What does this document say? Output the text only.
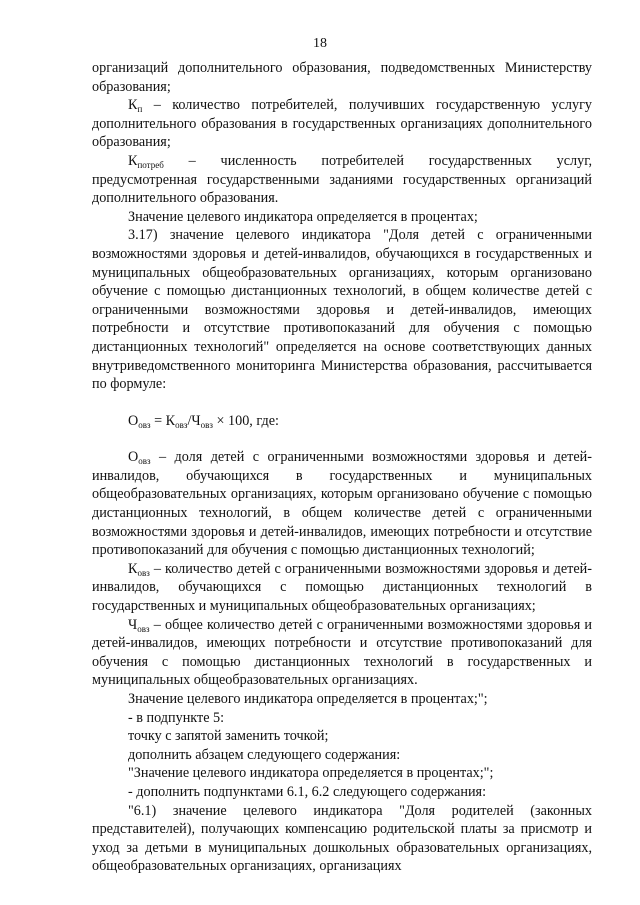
18

организаций дополнительного образования, подведомственных Министерству образования;

$К_п$ – количество потребителей, получивших государственную услугу дополнительного образования в государственных организациях дополнительного образования;

$К_{потреб}$ – численность потребителей государственных услуг, предусмотренная государственными заданиями государственных организаций дополнительного образования.

Значение целевого индикатора определяется в процентах;

3.17) значение целевого индикатора "Доля детей с ограниченными возможностями здоровья и детей-инвалидов, обучающихся в государственных и муниципальных общеобразовательных организациях, которым организовано обучение с помощью дистанционных технологий, в общем количестве детей с ограниченными возможностями здоровья и детей-инвалидов, имеющих потребности и отсутствие противопоказаний для обучения с помощью дистанционных технологий" определяется на основе соответствующих данных внутриведомственного мониторинга Министерства образования, рассчитывается по формуле:

$О_{овз} = К_{овз}/Ч_{овз} \times 100$, где:

$О_{овз}$ – доля детей с ограниченными возможностями здоровья и детей-инвалидов, обучающихся в государственных и муниципальных общеобразовательных организациях, которым организовано обучение с помощью дистанционных технологий, в общем количестве детей с ограниченными возможностями здоровья и детей-инвалидов, имеющих потребности и отсутствие противопоказаний для обучения с помощью дистанционных технологий;

$К_{овз}$ – количество детей с ограниченными возможностями здоровья и детей-инвалидов, обучающихся с помощью дистанционных технологий в государственных и муниципальных общеобразовательных организациях;

$Ч_{овз}$ – общее количество детей с ограниченными возможностями здоровья и детей-инвалидов, имеющих потребности и отсутствие противопоказаний для обучения с помощью дистанционных технологий в государственных и муниципальных общеобразовательных организациях.

Значение целевого индикатора определяется в процентах;";

- в подпункте 5:

точку с запятой заменить точкой;

дополнить абзацем следующего содержания:

"Значение целевого индикатора определяется в процентах;";

- дополнить подпунктами 6.1, 6.2 следующего содержания:

"6.1) значение целевого индикатора "Доля родителей (законных представителей), получающих компенсацию родительской платы за присмотр и уход за детьми в муниципальных дошкольных образовательных организациях, общеобразовательных организациях, организациях
